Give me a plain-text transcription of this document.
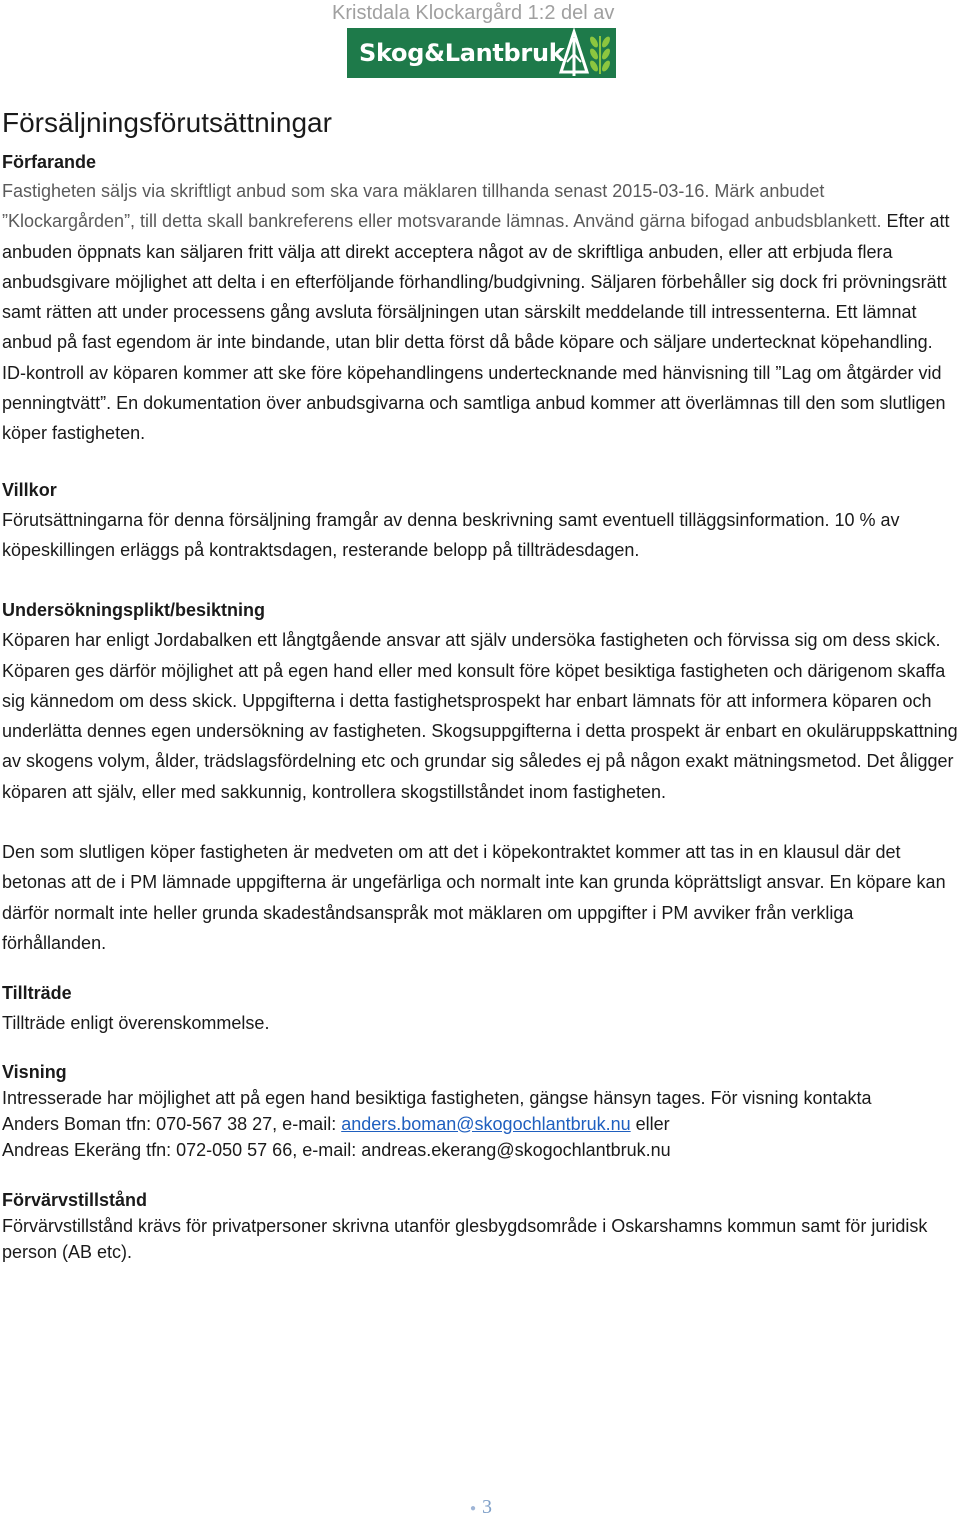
Kristdala Klockargård 1:2 del av
Skog&Lantbruk
Försäljningsförutsättningar

Förfarande

Fastigheten säljs via skriftligt anbud som ska vara mäklaren tillhanda senast 2015-03-16. Märk anbudet ”Klockargården”, till detta skall bankreferens eller motsvarande lämnas. Använd gärna bifogad anbudsblankett. Efter att anbuden öppnats kan säljaren fritt välja att direkt acceptera något av de skriftliga anbuden, eller att erbjuda flera anbudsgivare möjlighet att delta i en efterföljande förhandling/budgivning. Säljaren förbehåller sig dock fri prövningsrätt samt rätten att under processens gång avsluta försäljningen utan särskilt meddelande till intressenterna. Ett lämnat anbud på fast egendom är inte bindande, utan blir detta först då både köpare och säljare undertecknat köpehandling. ID-kontroll av köparen kommer att ske före köpehandlingens undertecknande med hänvisning till ”Lag om åtgärder vid penningtvätt”. En dokumentation över anbudsgivarna och samtliga anbud kommer att överlämnas till den som slutligen köper fastigheten.

Villkor

Förutsättningarna för denna försäljning framgår av denna beskrivning samt eventuell tilläggsinformation. 10 % av köpeskillingen erläggs på kontraktsdagen, resterande belopp på tillträdesdagen.

Undersökningsplikt/besiktning

Köparen har enligt Jordabalken ett långtgående ansvar att själv undersöka fastigheten och förvissa sig om dess skick. Köparen ges därför möjlighet att på egen hand eller med konsult före köpet besiktiga fastigheten och därigenom skaffa sig kännedom om dess skick. Uppgifterna i detta fastighetsprospekt har enbart lämnats för att informera köparen och underlätta dennes egen undersökning av fastigheten. Skogsuppgifterna i detta prospekt är enbart en okuläruppskattning av skogens volym, ålder, trädslagsfördelning etc och grundar sig således ej på någon exakt mätningsmetod. Det åligger köparen att själv, eller med sakkunnig, kontrollera skogstillståndet inom fastigheten.

Den som slutligen köper fastigheten är medveten om att det i köpekontraktet kommer att tas in en klausul där det betonas att de i PM lämnade uppgifterna är ungefärliga och normalt inte kan grunda köprättsligt ansvar. En köpare kan därför normalt inte heller grunda skadeståndsanspråk mot mäklaren om uppgifter i PM avviker från verkliga förhållanden.

Tillträde

Tillträde enligt överenskommelse.

Visning

Intresserade har möjlighet att på egen hand besiktiga fastigheten, gängse hänsyn tages. För visning kontakta

Anders Boman tfn: 070-567 38 27, e-mail: anders.boman@skogochlantbruk.nu eller

Andreas Ekeräng tfn: 072-050 57 66, e-mail: andreas.ekerang@skogochlantbruk.nu

Förvärvstillstånd

Förvärvstillstånd krävs för privatpersoner skrivna utanför glesbygdsområde i Oskarshamns kommun samt för juridisk person (AB etc).

● 3
